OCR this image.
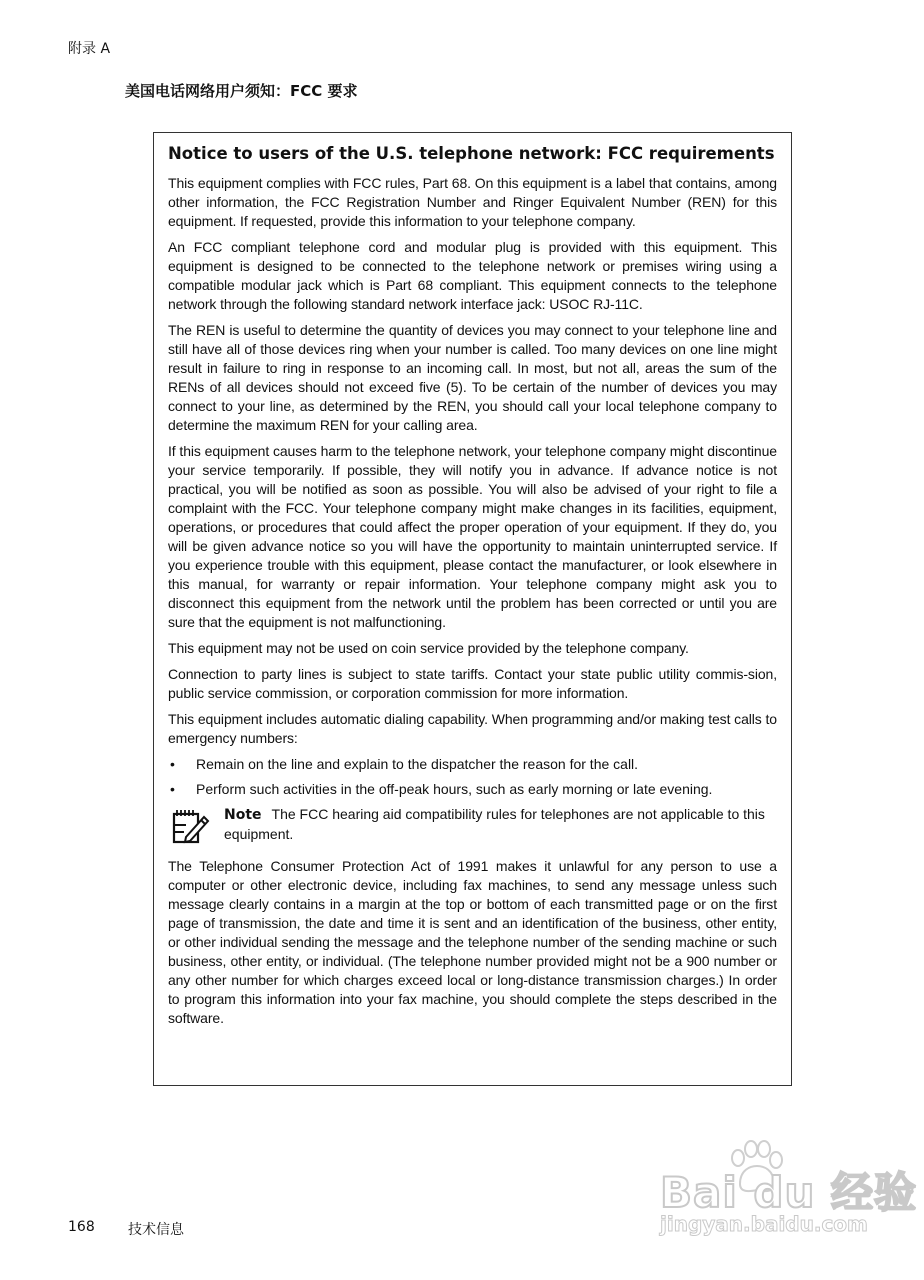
附录 A
美国电话网络用户须知：FCC 要求
Notice to users of the U.S. telephone network: FCC requirements

This equipment complies with FCC rules, Part 68. On this equipment is a label that contains, among other information, the FCC Registration Number and Ringer Equivalent Number (REN) for this equipment. If requested, provide this information to your telephone company.

An FCC compliant telephone cord and modular plug is provided with this equipment. This equipment is designed to be connected to the telephone network or premises wiring using a compatible modular jack which is Part 68 compliant. This equipment connects to the telephone network through the following standard network interface jack: USOC RJ-11C.

The REN is useful to determine the quantity of devices you may connect to your telephone line and still have all of those devices ring when your number is called. Too many devices on one line might result in failure to ring in response to an incoming call. In most, but not all, areas the sum of the RENs of all devices should not exceed five (5). To be certain of the number of devices you may connect to your line, as determined by the REN, you should call your local telephone company to determine the maximum REN for your calling area.

If this equipment causes harm to the telephone network, your telephone company might discontinue your service temporarily. If possible, they will notify you in advance. If advance notice is not practical, you will be notified as soon as possible. You will also be advised of your right to file a complaint with the FCC. Your telephone company might make changes in its facilities, equipment, operations, or procedures that could affect the proper operation of your equipment. If they do, you will be given advance notice so you will have the opportunity to maintain uninterrupted service. If you experience trouble with this equipment, please contact the manufacturer, or look elsewhere in this manual, for warranty or repair information. Your telephone company might ask you to disconnect this equipment from the network until the problem has been corrected or until you are sure that the equipment is not malfunctioning.

This equipment may not be used on coin service provided by the telephone company.

Connection to party lines is subject to state tariffs. Contact your state public utility commis-sion, public service commission, or corporation commission for more information.

This equipment includes automatic dialing capability. When programming and/or making test calls to emergency numbers:

• Remain on the line and explain to the dispatcher the reason for the call.
• Perform such activities in the off-peak hours, such as early morning or late evening.
Note The FCC hearing aid compatibility rules for telephones are not applicable to this equipment.

The Telephone Consumer Protection Act of 1991 makes it unlawful for any person to use a computer or other electronic device, including fax machines, to send any message unless such message clearly contains in a margin at the top or bottom of each transmitted page or on the first page of transmission, the date and time it is sent and an identification of the business, other entity, or other individual sending the message and the telephone number of the sending machine or such business, other entity, or individual. (The telephone number provided might not be a 900 number or any other number for which charges exceed local or long-distance transmission charges.) In order to program this information into your fax machine, you should complete the steps described in the software.

168 技术信息
Bai du 经验
jingyan.baidu.com
